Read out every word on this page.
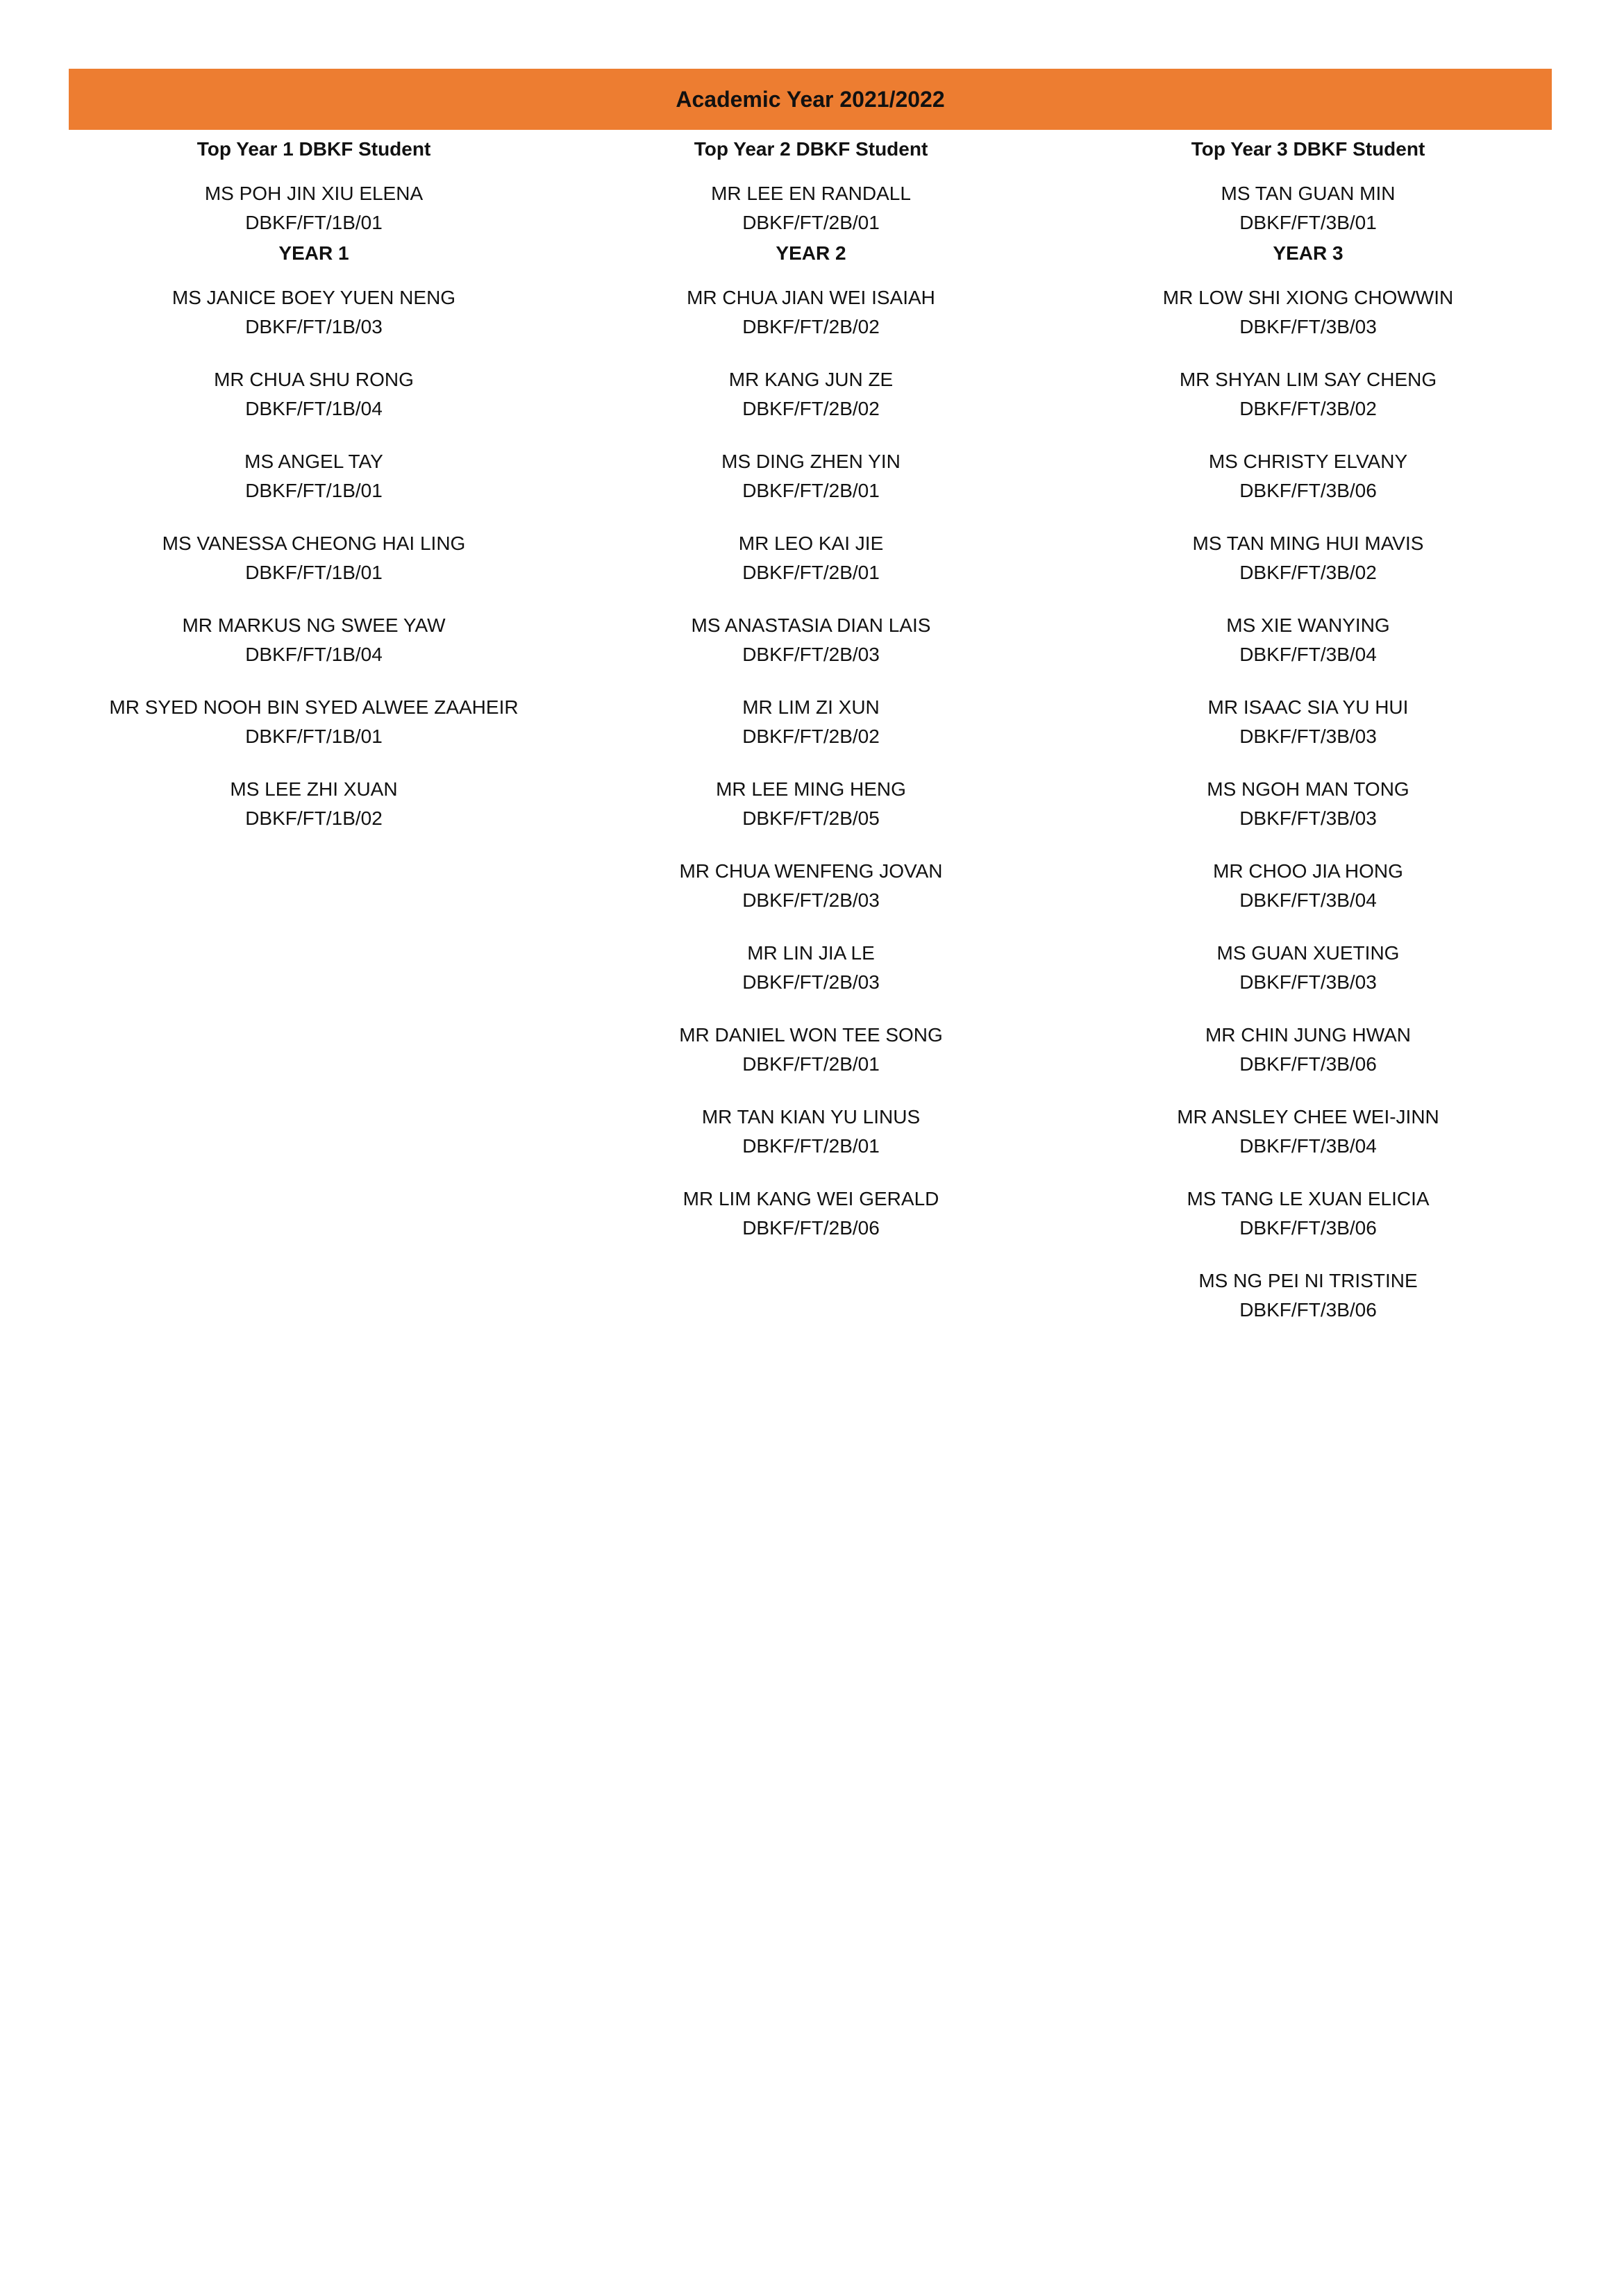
Academic Year 2021/2022
Top Year 1 DBKF Student
MS POH JIN XIU ELENA
DBKF/FT/1B/01
YEAR 1
MS JANICE BOEY YUEN NENG
DBKF/FT/1B/03
MR CHUA SHU RONG
DBKF/FT/1B/04
MS ANGEL TAY
DBKF/FT/1B/01
MS VANESSA CHEONG HAI LING
DBKF/FT/1B/01
MR MARKUS NG SWEE YAW
DBKF/FT/1B/04
MR SYED NOOH BIN SYED ALWEE ZAAHEIR
DBKF/FT/1B/01
MS LEE ZHI XUAN
DBKF/FT/1B/02
Top Year 2 DBKF Student
MR LEE EN RANDALL
DBKF/FT/2B/01
YEAR 2
MR CHUA JIAN WEI ISAIAH
DBKF/FT/2B/02
MR KANG JUN ZE
DBKF/FT/2B/02
MS DING ZHEN YIN
DBKF/FT/2B/01
MR LEO KAI JIE
DBKF/FT/2B/01
MS ANASTASIA DIAN LAIS
DBKF/FT/2B/03
MR LIM ZI XUN
DBKF/FT/2B/02
MR LEE MING HENG
DBKF/FT/2B/05
MR CHUA WENFENG JOVAN
DBKF/FT/2B/03
MR LIN JIA LE
DBKF/FT/2B/03
MR DANIEL WON TEE SONG
DBKF/FT/2B/01
MR TAN KIAN YU LINUS
DBKF/FT/2B/01
MR LIM KANG WEI GERALD
DBKF/FT/2B/06
Top Year 3 DBKF Student
MS TAN GUAN MIN
DBKF/FT/3B/01
YEAR 3
MR LOW SHI XIONG CHOWWIN
DBKF/FT/3B/03
MR SHYAN LIM SAY CHENG
DBKF/FT/3B/02
MS CHRISTY ELVANY
DBKF/FT/3B/06
MS TAN MING HUI MAVIS
DBKF/FT/3B/02
MS XIE WANYING
DBKF/FT/3B/04
MR ISAAC SIA YU HUI
DBKF/FT/3B/03
MS NGOH MAN TONG
DBKF/FT/3B/03
MR CHOO JIA HONG
DBKF/FT/3B/04
MS GUAN XUETING
DBKF/FT/3B/03
MR CHIN JUNG HWAN
DBKF/FT/3B/06
MR ANSLEY CHEE WEI-JINN
DBKF/FT/3B/04
MS TANG LE XUAN ELICIA
DBKF/FT/3B/06
MS NG PEI NI TRISTINE
DBKF/FT/3B/06
